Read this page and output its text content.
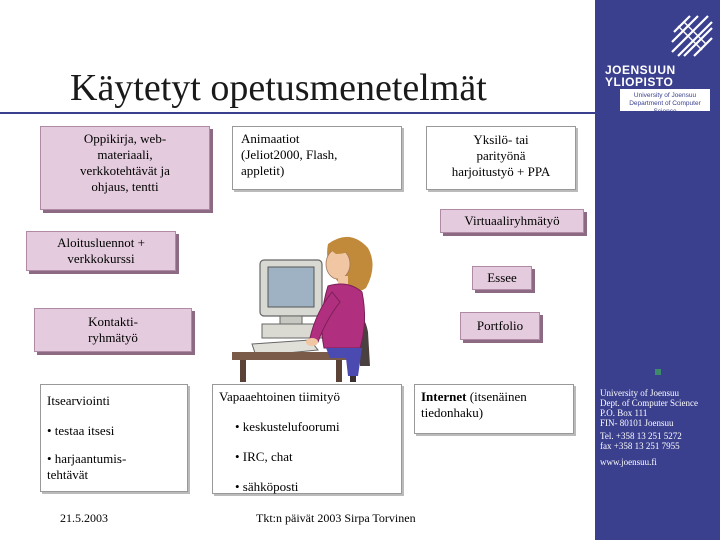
JOENSUUN
YLIOPISTO
University of Joensuu
Department of Computer Science
University of Joensuu
Dept. of Computer Science
P.O. Box 111
FIN- 80101 Joensuu
Tel. +358 13 251 5272
fax +358 13 251 7955
www.joensuu.fi
Käytetyt opetusmenetelmät
Oppikirja, web-
materiaali,
verkkotehtävät ja
ohjaus, tentti
Animaatiot
(Jeliot2000, Flash,
appletit)
Yksilö- tai
parityönä
harjoitustyö + PPA
Virtuaaliryhmätyö
Aloitusluennot +
verkkokurssi
Essee
Kontakti-
ryhmätyö
Portfolio
Itsearviointi
• testaa itsesi
• harjaantumis-
tehtävät
Vapaaehtoinen tiimityö
• keskustelufoorumi
• IRC, chat
• sähköposti
Internet (itsenäinen
tiedonhaku)
21.5.2003	Tkt:n päivät 2003 Sirpa Torvinen
